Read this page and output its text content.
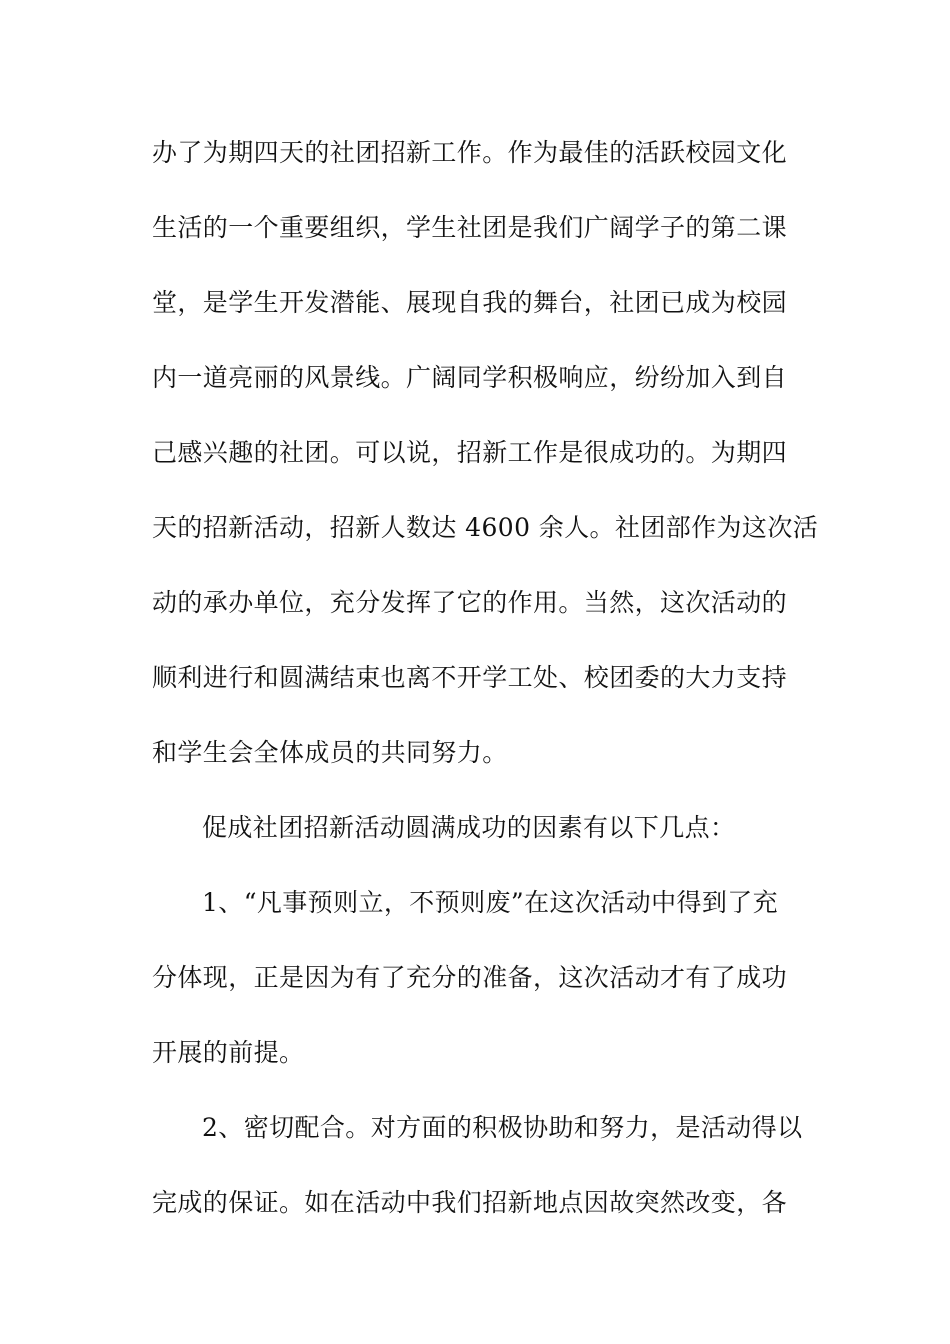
办了为期四天的社团招新工作。作为最佳的活跃校园文化
生活的一个重要组织，学生社团是我们广阔学子的第二课
堂，是学生开发潜能、展现自我的舞台，社团已成为校园
内一道亮丽的风景线。广阔同学积极响应，纷纷加入到自
己感兴趣的社团。可以说，招新工作是很成功的。为期四
天的招新活动，招新人数达 4600 余人。社团部作为这次活
动的承办单位，充分发挥了它的作用。当然，这次活动的
顺利进行和圆满结束也离不开学工处、校团委的大力支持
和学生会全体成员的共同努力。
促成社团招新活动圆满成功的因素有以下几点：
1、“凡事预则立，不预则废”在这次活动中得到了充
分体现，正是因为有了充分的准备，这次活动才有了成功
开展的前提。
2、密切配合。对方面的积极协助和努力，是活动得以
完成的保证。如在活动中我们招新地点因故突然改变，各
